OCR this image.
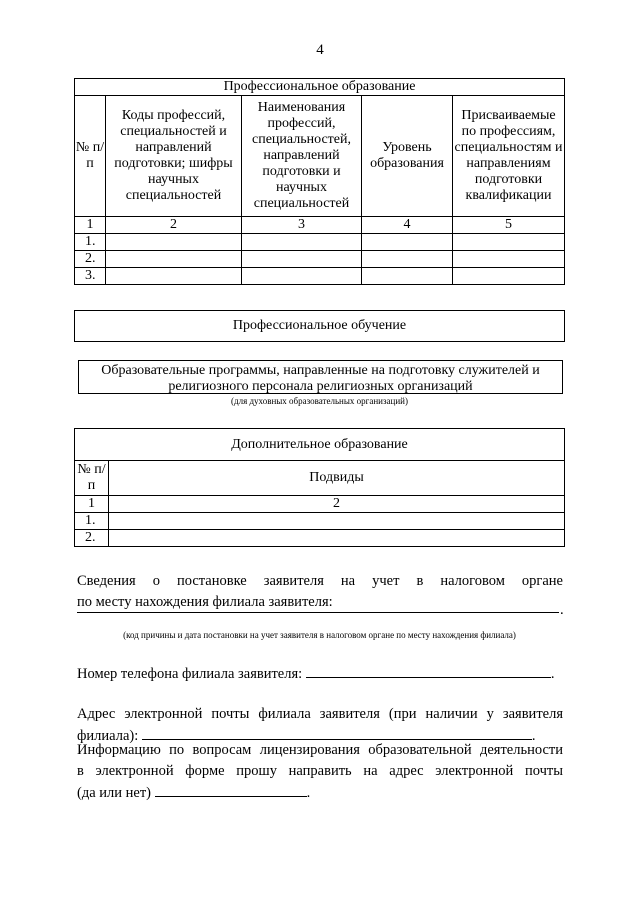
4
Профессиональное образование				
№ п/п	Коды профессий, специальностей и направлений подготовки; шифры научных специальностей	Наименования профессий, специальностей, направлений подготовки и научных специальностей	Уровень образования	Присваиваемые по профессиям, специальностям и направлениям подготовки квалификации
1	2	3	4	5
1.				
2.				
3.				
Профессиональное обучение
Образовательные программы, направленные на подготовку служителей и религиозного персонала религиозных организаций
(для духовных образовательных организаций)
Дополнительное образование	
№ п/п	Подвиды
1	2
1.	
2.	
Сведения о постановке заявителя на учет в налоговом органе
по месту нахождения филиала заявителя:	.
(код причины и дата постановки на учет заявителя в налоговом органе по месту нахождения филиала)
Номер телефона филиала заявителя:	.
Адрес электронной почты филиала заявителя (при наличии у заявителя
филиала):	.
Информацию по вопросам лицензирования образовательной деятельности
в электронной форме прошу направить на адрес электронной почты
(да или нет)	.
